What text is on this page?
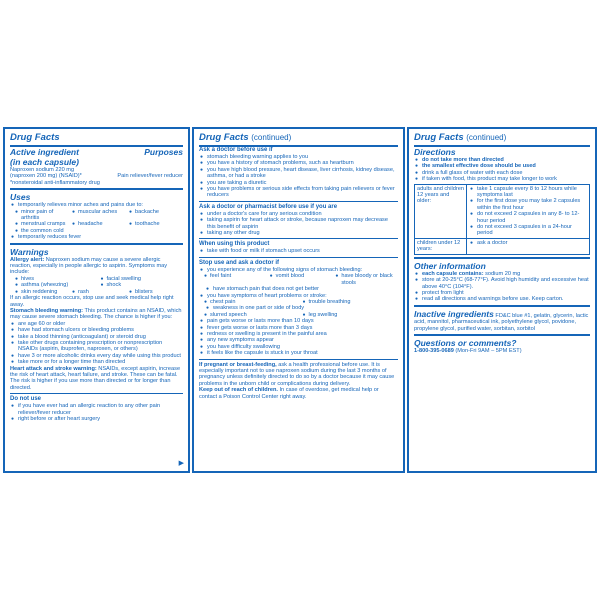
Drug Facts
Active ingredient
(in each capsule)
Purposes
Naproxen sodium 220 mg
(naproxen 200 mg) (NSAID)*	Pain reliever/fever reducer
*nonsteroidal anti-inflammatory drug
Uses
● temporarily relieves minor aches and pains due to:
● minor pain of arthritis
● muscular aches	● backache
● menstrual cramps	● headache	● toothache
● the common cold
● temporarily reduces fever
Warnings
Allergy alert: Naproxen sodium may cause a severe allergic reaction, especially in people allergic to aspirin. Symptoms may include:
● hives	● facial swelling
● asthma (wheezing)	● shock
● skin reddening	● rash	● blisters
If an allergic reaction occurs, stop use and seek medical help right away.
Stomach bleeding warning: This product contains an NSAID, which may cause severe stomach bleeding. The chance is higher if you:
● are age 60 or older
● have had stomach ulcers or bleeding problems
● take a blood thinning (anticoagulant) or steroid drug
● take other drugs containing prescription or nonprescription NSAIDs (aspirin, ibuprofen, naproxen, or others)
● have 3 or more alcoholic drinks every day while using this product
● take more or for a longer time than directed
Heart attack and stroke warning: NSAIDs, except aspirin, increase the risk of heart attack, heart failure, and stroke. These can be fatal. The risk is higher if you use more than directed or for longer than directed.
Do not use
● if you have ever had an allergic reaction to any other pain reliever/fever reducer
● right before or after heart surgery
▶
Drug Facts (continued)
Ask a doctor before use if
● stomach bleeding warning applies to you
● you have a history of stomach problems, such as heartburn
● you have high blood pressure, heart disease, liver cirrhosis, kidney disease, asthma, or had a stroke
● you are taking a diuretic
● you have problems or serious side effects from taking pain relievers or fever reducers
Ask a doctor or pharmacist before use if you are
● under a doctor's care for any serious condition
● taking aspirin for heart attack or stroke, because naproxen may decrease this benefit of aspirin
● taking any other drug
When using this product
● take with food or milk if stomach upset occurs
Stop use and ask a doctor if
● you experience any of the following signs of stomach bleeding:
● feel faint	● vomit blood	● have bloody or black stools
● have stomach pain that does not get better
● you have symptoms of heart problems or stroke:
● chest pain	● trouble breathing
● weakness in one part or side of body
● slurred speech	● leg swelling
● pain gets worse or lasts more than 10 days
● fever gets worse or lasts more than 3 days
● redness or swelling is present in the painful area
● any new symptoms appear
● you have difficulty swallowing
● it feels like the capsule is stuck in your throat
If pregnant or breast-feeding, ask a health professional before use. It is especially important not to use naproxen sodium during the last 3 months of pregnancy unless definitely directed to do so by a doctor because it may cause problems in the unborn child or complications during delivery.
Keep out of reach of children. In case of overdose, get medical help or contact a Poison Control Center right away.
Drug Facts (continued)
Directions
● do not take more than directed
● the smallest effective dose should be used
● drink a full glass of water with each dose
● if taken with food, this product may take longer to work
adults and children 12 years and older:	● take 1 capsule every 8 to 12 hours while symptoms last
● for the first dose you may take 2 capsules within the first hour
● do not exceed 2 capsules in any 8- to 12-hour period
● do not exceed 3 capsules in a 24-hour period

children under 12 years:	● ask a doctor
Other information
● each capsule contains: sodium 20 mg
● store at 20-25°C (68-77°F). Avoid high humidity and excessive heat above 40°C (104°F).
● protect from light
● read all directions and warnings before use. Keep carton.
Inactive ingredients FD&C blue #1, gelatin, glycerin, lactic acid, mannitol, pharmaceutical ink, polyethylene glycol, povidone, propylene glycol, purified water, sorbitan, sorbitol
Questions or comments?
1-800-395-0689 (Mon-Fri 9AM – 5PM EST)
